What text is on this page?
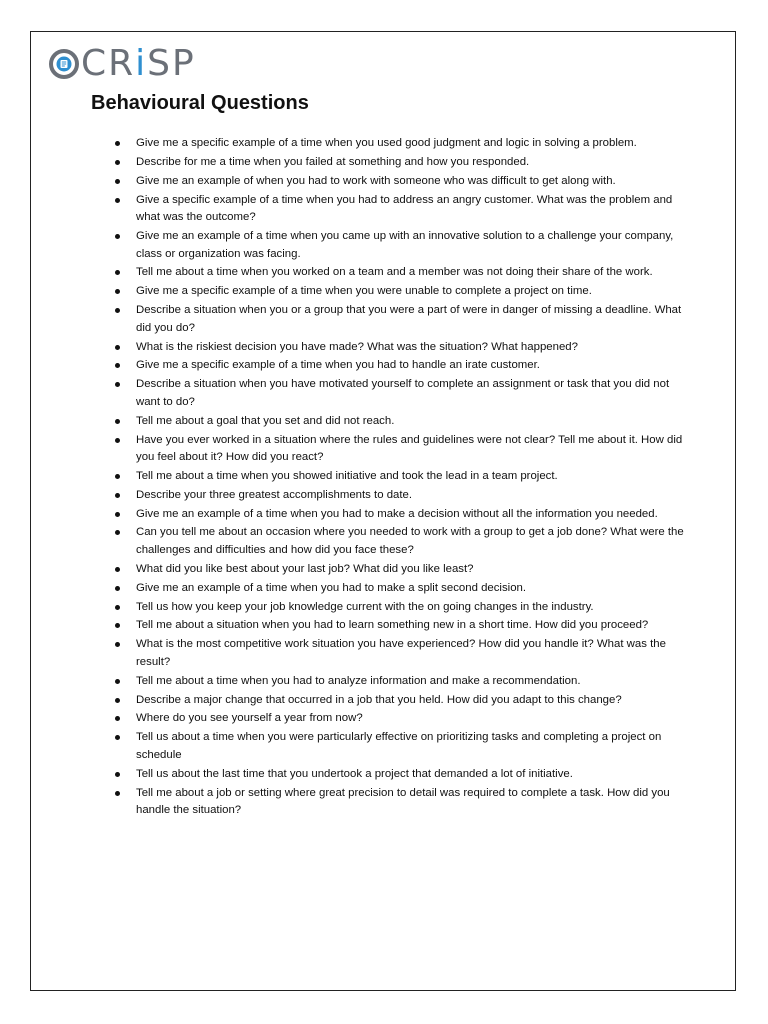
CRiSP
Behavioural Questions
Give me a specific example of a time when you used good judgment and logic in solving a problem.
Describe for me a time when you failed at something and how you responded.
Give me an example of when you had to work with someone who was difficult to get along with.
Give a specific example of a time when you had to address an angry customer. What was the problem and what was the outcome?
Give me an example of a time when you came up with an innovative solution to a challenge your company, class or organization was facing.
Tell me about a time when you worked on a team and a member was not doing their share of the work.
Give me a specific example of a time when you were unable to complete a project on time.
Describe a situation when you or a group that you were a part of were in danger of missing a deadline. What did you do?
What is the riskiest decision you have made? What was the situation? What happened?
Give me a specific example of a time when you had to handle an irate customer.
Describe a situation when you have motivated yourself to complete an assignment or task that you did not want to do?
Tell me about a goal that you set and did not reach.
Have you ever worked in a situation where the rules and guidelines were not clear? Tell me about it. How did you feel about it? How did you react?
Tell me about a time when you showed initiative and took the lead in a team project.
Describe your three greatest accomplishments to date.
Give me an example of a time when you had to make a decision without all the information you needed.
Can you tell me about an occasion where you needed to work with a group to get a job done? What were the challenges and difficulties and how did you face these?
What did you like best about your last job? What did you like least?
Give me an example of a time when you had to make a split second decision.
Tell us how you keep your job knowledge current with the on going changes in the industry.
Tell me about a situation when you had to learn something new in a short time. How did you proceed?
What is the most competitive work situation you have experienced? How did you handle it? What was the result?
Tell me about a time when you had to analyze information and make a recommendation.
Describe a major change that occurred in a job that you held. How did you adapt to this change?
Where do you see yourself a year from now?
Tell us about a time when you were particularly effective on prioritizing tasks and completing a project on schedule
Tell us about the last time that you undertook a project that demanded a lot of initiative.
Tell me about a job or setting where great precision to detail was required to complete a task. How did you handle the situation?
